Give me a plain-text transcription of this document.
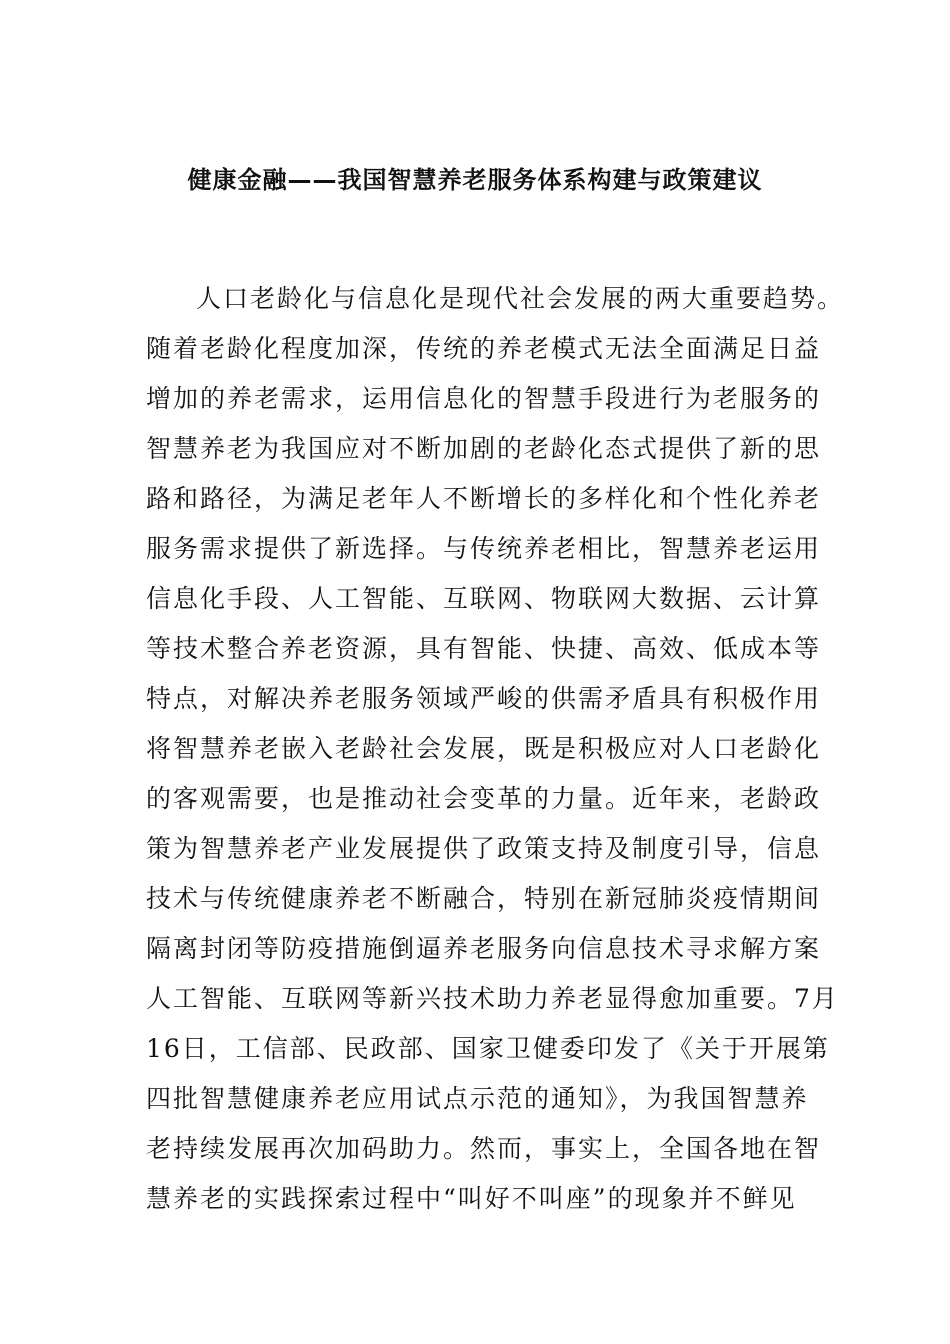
健康金融——我国智慧养老服务体系构建与政策建议
人口老龄化与信息化是现代社会发展的两大重要趋势。
随着老龄化程度加深，传统的养老模式无法全面满足日益
增加的养老需求，运用信息化的智慧手段进行为老服务的
智慧养老为我国应对不断加剧的老龄化态式提供了新的思
路和路径，为满足老年人不断增长的多样化和个性化养老
服务需求提供了新选择。与传统养老相比，智慧养老运用
信息化手段、人工智能、互联网、物联网大数据、云计算
等技术整合养老资源，具有智能、快捷、高效、低成本等
特点，对解决养老服务领域严峻的供需矛盾具有积极作用
将智慧养老嵌入老龄社会发展，既是积极应对人口老龄化
的客观需要，也是推动社会变革的力量。近年来，老龄政
策为智慧养老产业发展提供了政策支持及制度引导，信息
技术与传统健康养老不断融合，特别在新冠肺炎疫情期间
隔离封闭等防疫措施倒逼养老服务向信息技术寻求解方案
人工智能、互联网等新兴技术助力养老显得愈加重要。7月
16日，工信部、民政部、国家卫健委印发了《关于开展第
四批智慧健康养老应用试点示范的通知》，为我国智慧养
老持续发展再次加码助力。然而，事实上，全国各地在智
慧养老的实践探索过程中“叫好不叫座”的现象并不鲜见
